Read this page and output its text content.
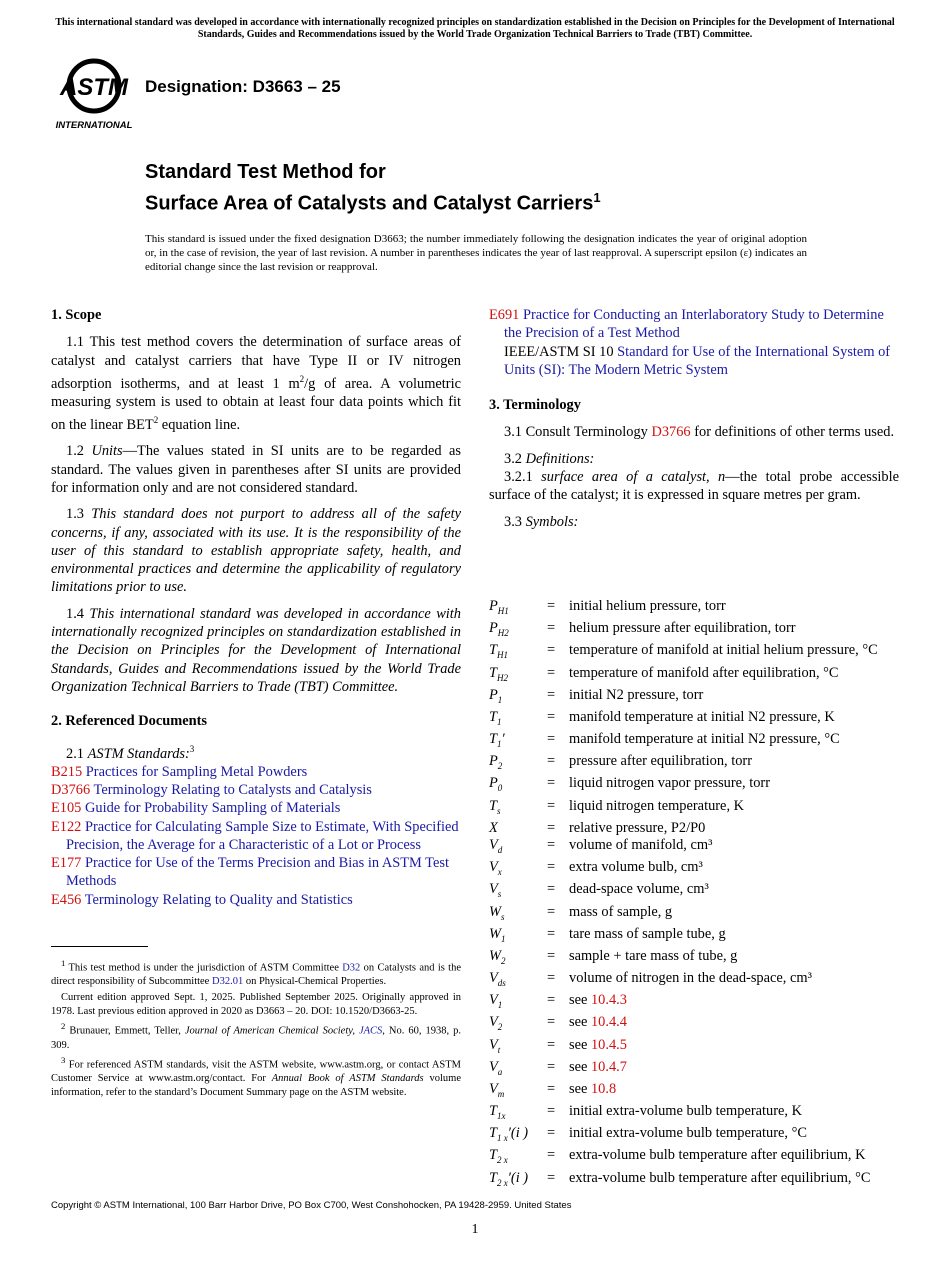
This international standard was developed in accordance with internationally recognized principles on standardization established in the Decision on Principles for the Development of International Standards, Guides and Recommendations issued by the World Trade Organization Technical Barriers to Trade (TBT) Committee.
ASTM
INTERNATIONAL
Designation: D3663 – 25
Standard Test Method for
Surface Area of Catalysts and Catalyst Carriers$^1$
This standard is issued under the fixed designation D3663; the number immediately following the designation indicates the year of original adoption or, in the case of revision, the year of last revision. A number in parentheses indicates the year of last reapproval. A superscript epsilon (ε) indicates an editorial change since the last revision or reapproval.

1. Scope

1.1 This test method covers the determination of surface areas of catalyst and catalyst carriers that have Type II or IV nitrogen adsorption isotherms, and at least 1 $m^2/g$ of area. A volumetric measuring system is used to obtain at least four data points which fit on the linear BET$^2$ equation line.

1.2 Units—The values stated in SI units are to be regarded as standard. The values given in parentheses after SI units are provided for information only and are not considered standard.

1.3 This standard does not purport to address all of the safety concerns, if any, associated with its use. It is the responsibility of the user of this standard to establish appropriate safety, health, and environmental practices and determine the applicability of regulatory limitations prior to use.

1.4 This international standard was developed in accordance with internationally recognized principles on standardization established in the Decision on Principles for the Development of International Standards, Guides and Recommendations issued by the World Trade Organization Technical Barriers to Trade (TBT) Committee.

2. Referenced Documents

2.1 ASTM Standards:$^3$

B215 Practices for Sampling Metal Powders

D3766 Terminology Relating to Catalysts and Catalysis

E105 Guide for Probability Sampling of Materials

E122 Practice for Calculating Sample Size to Estimate, With Specified Precision, the Average for a Characteristic of a Lot or Process

E177 Practice for Use of the Terms Precision and Bias in ASTM Test Methods

E456 Terminology Relating to Quality and Statistics

$^1$ This test method is under the jurisdiction of ASTM Committee D32 on Catalysts and is the direct responsibility of Subcommittee D32.01 on Physical-Chemical Properties.

Current edition approved Sept. 1, 2025. Published September 2025. Originally approved in 1978. Last previous edition approved in 2020 as D3663 – 20. DOI: 10.1520/D3663-25.

$^2$ Brunauer, Emmett, Teller, Journal of American Chemical Society, JACS, No. 60, 1938, p. 309.

$^3$ For referenced ASTM standards, visit the ASTM website, www.astm.org, or contact ASTM Customer Service at www.astm.org/contact. For Annual Book of ASTM Standards volume information, refer to the standard’s Document Summary page on the ASTM website.

E691 Practice for Conducting an Interlaboratory Study to Determine the Precision of a Test Method

IEEE/ASTM SI 10 Standard for Use of the International System of Units (SI): The Modern Metric System

3. Terminology

3.1 Consult Terminology D3766 for definitions of other terms used.

3.2 Definitions:

3.2.1 surface area of a catalyst, n—the total probe accessible surface of the catalyst; it is expressed in square metres per gram.

3.3 Symbols:

$P_{H1}$	= initial helium pressure, torr
$P_{H2}$	= helium pressure after equilibration, torr
$T_{H1}$	= temperature of manifold at initial helium pressure, °C
$T_{H2}$	= temperature of manifold after equilibration, °C
$P_1$	= initial N2 pressure, torr
$T_1$	= manifold temperature at initial N2 pressure, K
$T_1'$	= manifold temperature at initial N2 pressure, °C
$P_2$	= pressure after equilibration, torr
$P_0$	= liquid nitrogen vapor pressure, torr
$T_s$	= liquid nitrogen temperature, K
X	= relative pressure, P2/P0
$V_d$	= volume of manifold, cm³
$V_x$	= extra volume bulb, cm³
$V_s$	= dead-space volume, cm³
$W_s$	= mass of sample, g
$W_1$	= tare mass of sample tube, g
$W_2$	= sample + tare mass of tube, g
$V_{ds}$	= volume of nitrogen in the dead-space, cm³
$V_1$	= see 10.4.3
$V_2$	= see 10.4.4
$V_t$	= see 10.4.5
$V_a$	= see 10.4.7
$V_m$	= see 10.8
$T_{1x}$	= initial extra-volume bulb temperature, K
$T_{1 x}'(i$ )	= initial extra-volume bulb temperature, °C
$T_{2 x}$	= extra-volume bulb temperature after equilibrium, K
$T_{2 x}'(i$ )	= extra-volume bulb temperature after equilibrium, °C
Copyright © ASTM International, 100 Barr Harbor Drive, PO Box C700, West Conshohocken, PA 19428-2959. United States
1
